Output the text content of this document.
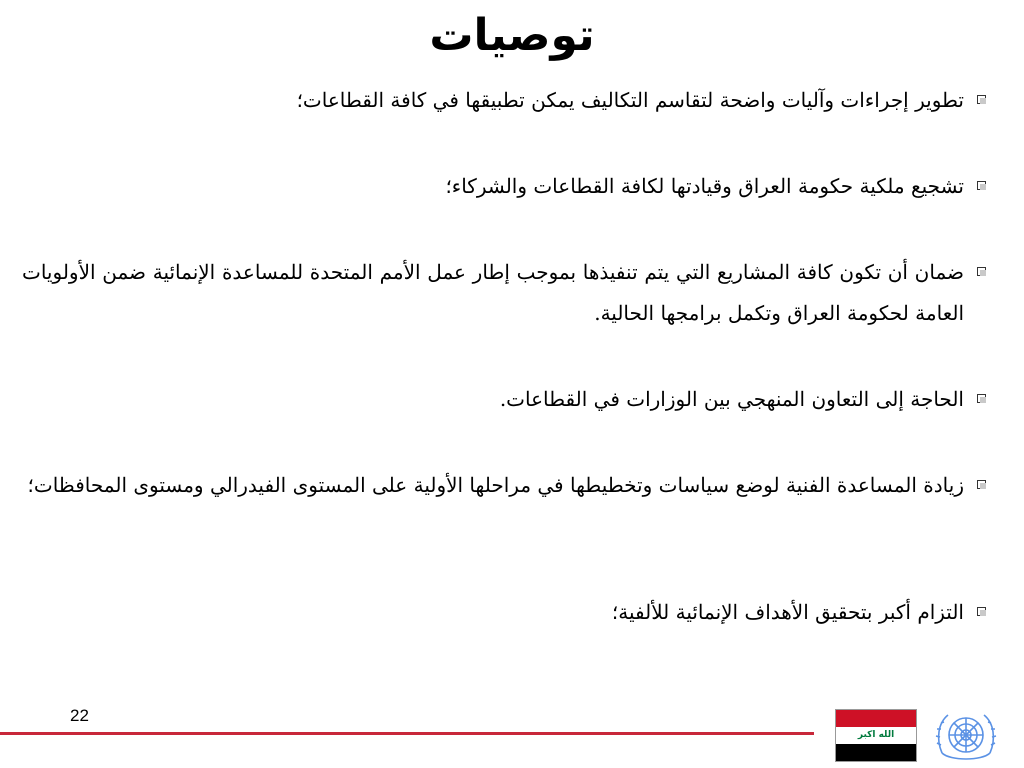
توصيات
تطوير إجراءات وآليات واضحة لتقاسم التكاليف يمكن تطبيقها في كافة القطاعات؛
تشجيع ملكية حكومة العراق وقيادتها لكافة القطاعات والشركاء؛
ضمان أن تكون كافة المشاريع التي يتم تنفيذها بموجب إطار عمل الأمم المتحدة للمساعدة الإنمائية ضمن الأولويات العامة لحكومة العراق وتكمل برامجها الحالية.
الحاجة إلى التعاون المنهجي بين الوزارات في القطاعات.
زيادة المساعدة الفنية لوضع سياسات وتخطيطها في مراحلها الأولية على المستوى الفيدرالي ومستوى المحافظات؛
التزام أكبر بتحقيق الأهداف الإنمائية للألفية؛
22
الله اكبر
